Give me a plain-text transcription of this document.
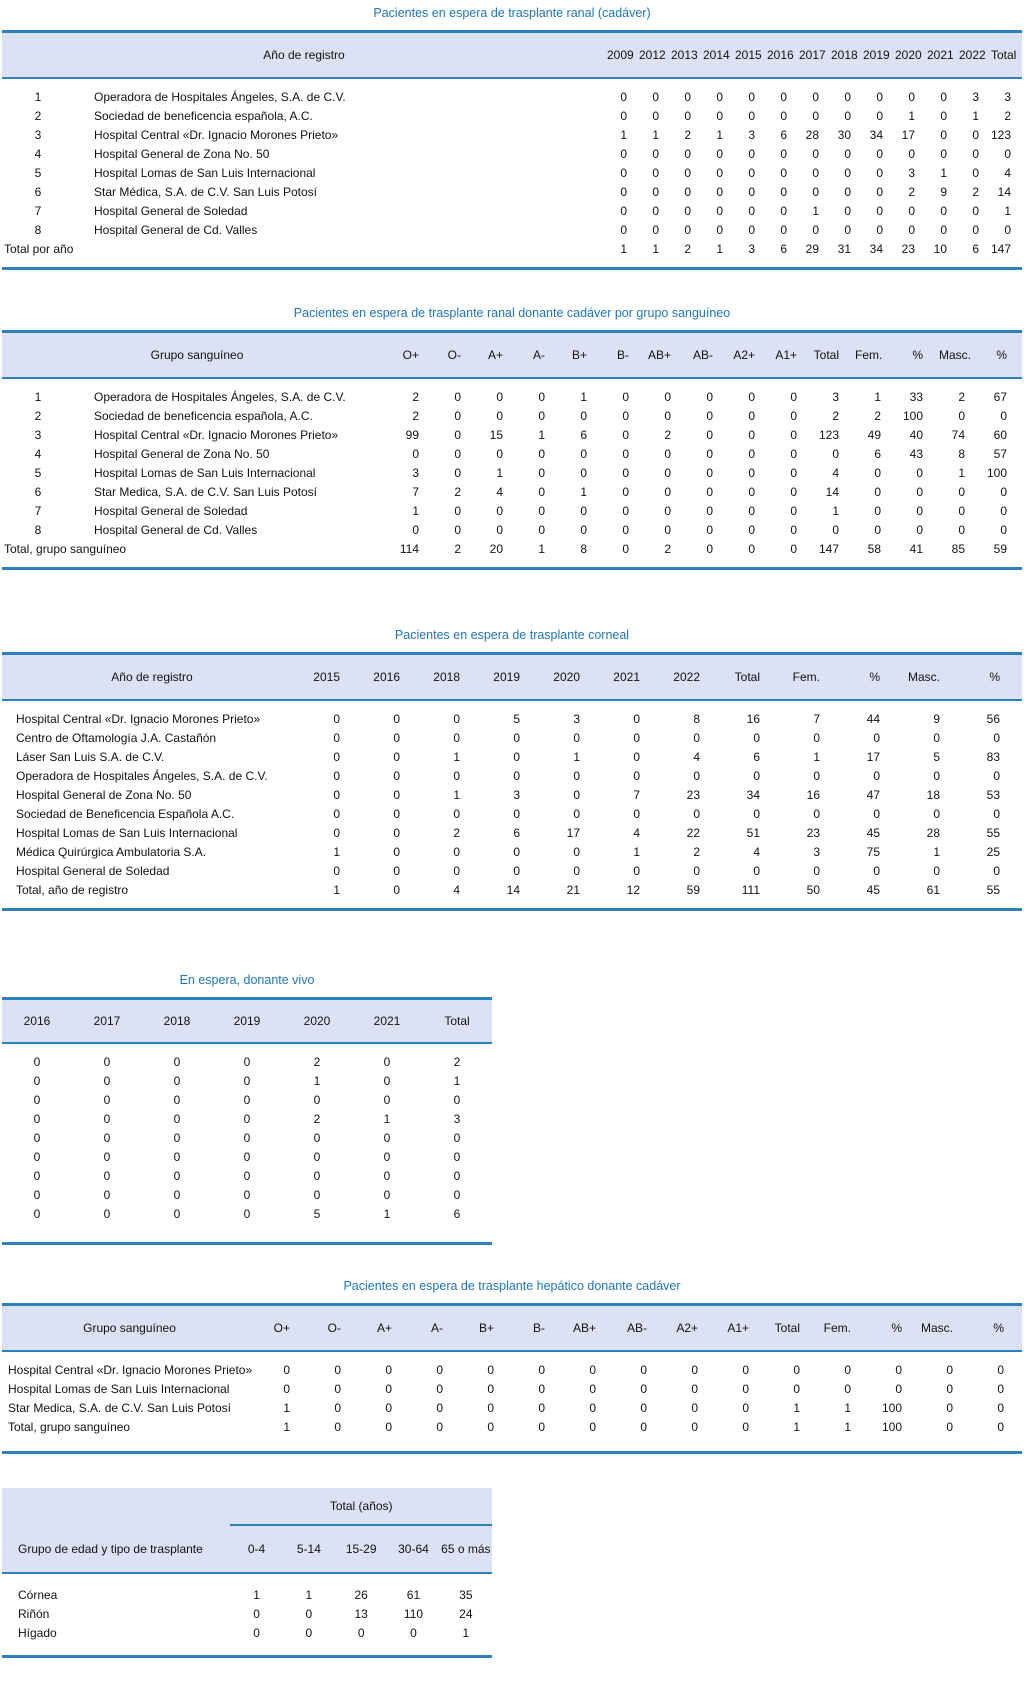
Pacientes en espera de trasplante ranal (cadáver)
Año de registro		2009	2012	2013	2014	2015	2016	2017	2018	2019	2020	2021	2022	Total
1	Operadora de Hospitales Ángeles, S.A. de C.V.	0	0	0	0	0	0	0	0	0	0	0	3	3
2	Sociedad de beneficencia española, A.C.	0	0	0	0	0	0	0	0	0	1	0	1	2
3	Hospital Central «Dr. Ignacio Morones Prieto»	1	1	2	1	3	6	28	30	34	17	0	0	123
4	Hospital General de Zona No. 50	0	0	0	0	0	0	0	0	0	0	0	0	0
5	Hospital Lomas de San Luis Internacional	0	0	0	0	0	0	0	0	0	3	1	0	4
6	Star Médica, S.A. de C.V. San Luis Potosí	0	0	0	0	0	0	0	0	0	2	9	2	14
7	Hospital General de Soledad	0	0	0	0	0	0	1	0	0	0	0	0	1
8	Hospital General de Cd. Valles	0	0	0	0	0	0	0	0	0	0	0	0	0
Total por año		1	1	2	1	3	6	29	31	34	23	10	6	147
Pacientes en espera de trasplante ranal donante cadáver por grupo sanguíneo
Grupo sanguíneo		O+	O-	A+	A-	B+	B-	AB+	AB-	A2+	A1+	Total	Fem.	%	Masc.	%
1	Operadora de Hospitales Ángeles, S.A. de C.V.	2	0	0	0	1	0	0	0	0	0	3	1	33	2	67
2	Sociedad de beneficencia española, A.C.	2	0	0	0	0	0	0	0	0	0	2	2	100	0	0
3	Hospital Central «Dr. Ignacio Morones Prieto»	99	0	15	1	6	0	2	0	0	0	123	49	40	74	60
4	Hospital General de Zona No. 50	0	0	0	0	0	0	0	0	0	0	0	6	43	8	57
5	Hospital Lomas de San Luis Internacional	3	0	1	0	0	0	0	0	0	0	4	0	0	1	100
6	Star Medica, S.A. de C.V. San Luis Potosí	7	2	4	0	1	0	0	0	0	0	14	0	0	0	0
7	Hospital General de Soledad	1	0	0	0	0	0	0	0	0	0	1	0	0	0	0
8	Hospital General de Cd. Valles	0	0	0	0	0	0	0	0	0	0	0	0	0	0	0
Total, grupo sanguíneo		114	2	20	1	8	0	2	0	0	0	147	58	41	85	59
Pacientes en espera de trasplante corneal
Año de registro	2015	2016	2018	2019	2020	2021	2022	Total	Fem.	%	Masc.	%
Hospital Central «Dr. Ignacio Morones Prieto»	0	0	0	5	3	0	8	16	7	44	9	56
Centro de Oftamología J.A. Castañón	0	0	0	0	0	0	0	0	0	0	0	0
Láser San Luis S.A. de C.V.	0	0	1	0	1	0	4	6	1	17	5	83
Operadora de Hospitales Ángeles, S.A. de C.V.	0	0	0	0	0	0	0	0	0	0	0	0
Hospital General de Zona No. 50	0	0	1	3	0	7	23	34	16	47	18	53
Sociedad de Beneficencia Española A.C.	0	0	0	0	0	0	0	0	0	0	0	0
Hospital Lomas de San Luis Internacional	0	0	2	6	17	4	22	51	23	45	28	55
Médica Quirúrgica Ambulatoria S.A.	1	0	0	0	0	1	2	4	3	75	1	25
Hospital General de Soledad	0	0	0	0	0	0	0	0	0	0	0	0
Total, año de registro	1	0	4	14	21	12	59	111	50	45	61	55
En espera, donante vivo
2016	2017	2018	2019	2020	2021	Total
0	0	0	0	2	0	2
0	0	0	0	1	0	1
0	0	0	0	0	0	0
0	0	0	0	2	1	3
0	0	0	0	0	0	0
0	0	0	0	0	0	0
0	0	0	0	0	0	0
0	0	0	0	0	0	0
0	0	0	0	5	1	6
Pacientes en espera de trasplante hepático donante cadáver
Grupo sanguíneo	O+	O-	A+	A-	B+	B-	AB+	AB-	A2+	A1+	Total	Fem.	%	Masc.	%
Hospital Central «Dr. Ignacio Morones Prieto»	0	0	0	0	0	0	0	0	0	0	0	0	0	0	0
Hospital Lomas de San Luis Internacional	0	0	0	0	0	0	0	0	0	0	0	0	0	0	0
Star Medica, S.A. de C.V. San Luis Potosí	1	0	0	0	0	0	0	0	0	0	1	1	100	0	0
Total, grupo sanguíneo	1	0	0	0	0	0	0	0	0	0	1	1	100	0	0
	Total (años)				
Grupo de edad y tipo de trasplante	0-4	5-14	15-29	30-64	65 o más
Córnea	1	1	26	61	35
Riñón	0	0	13	110	24
Hígado	0	0	0	0	1
